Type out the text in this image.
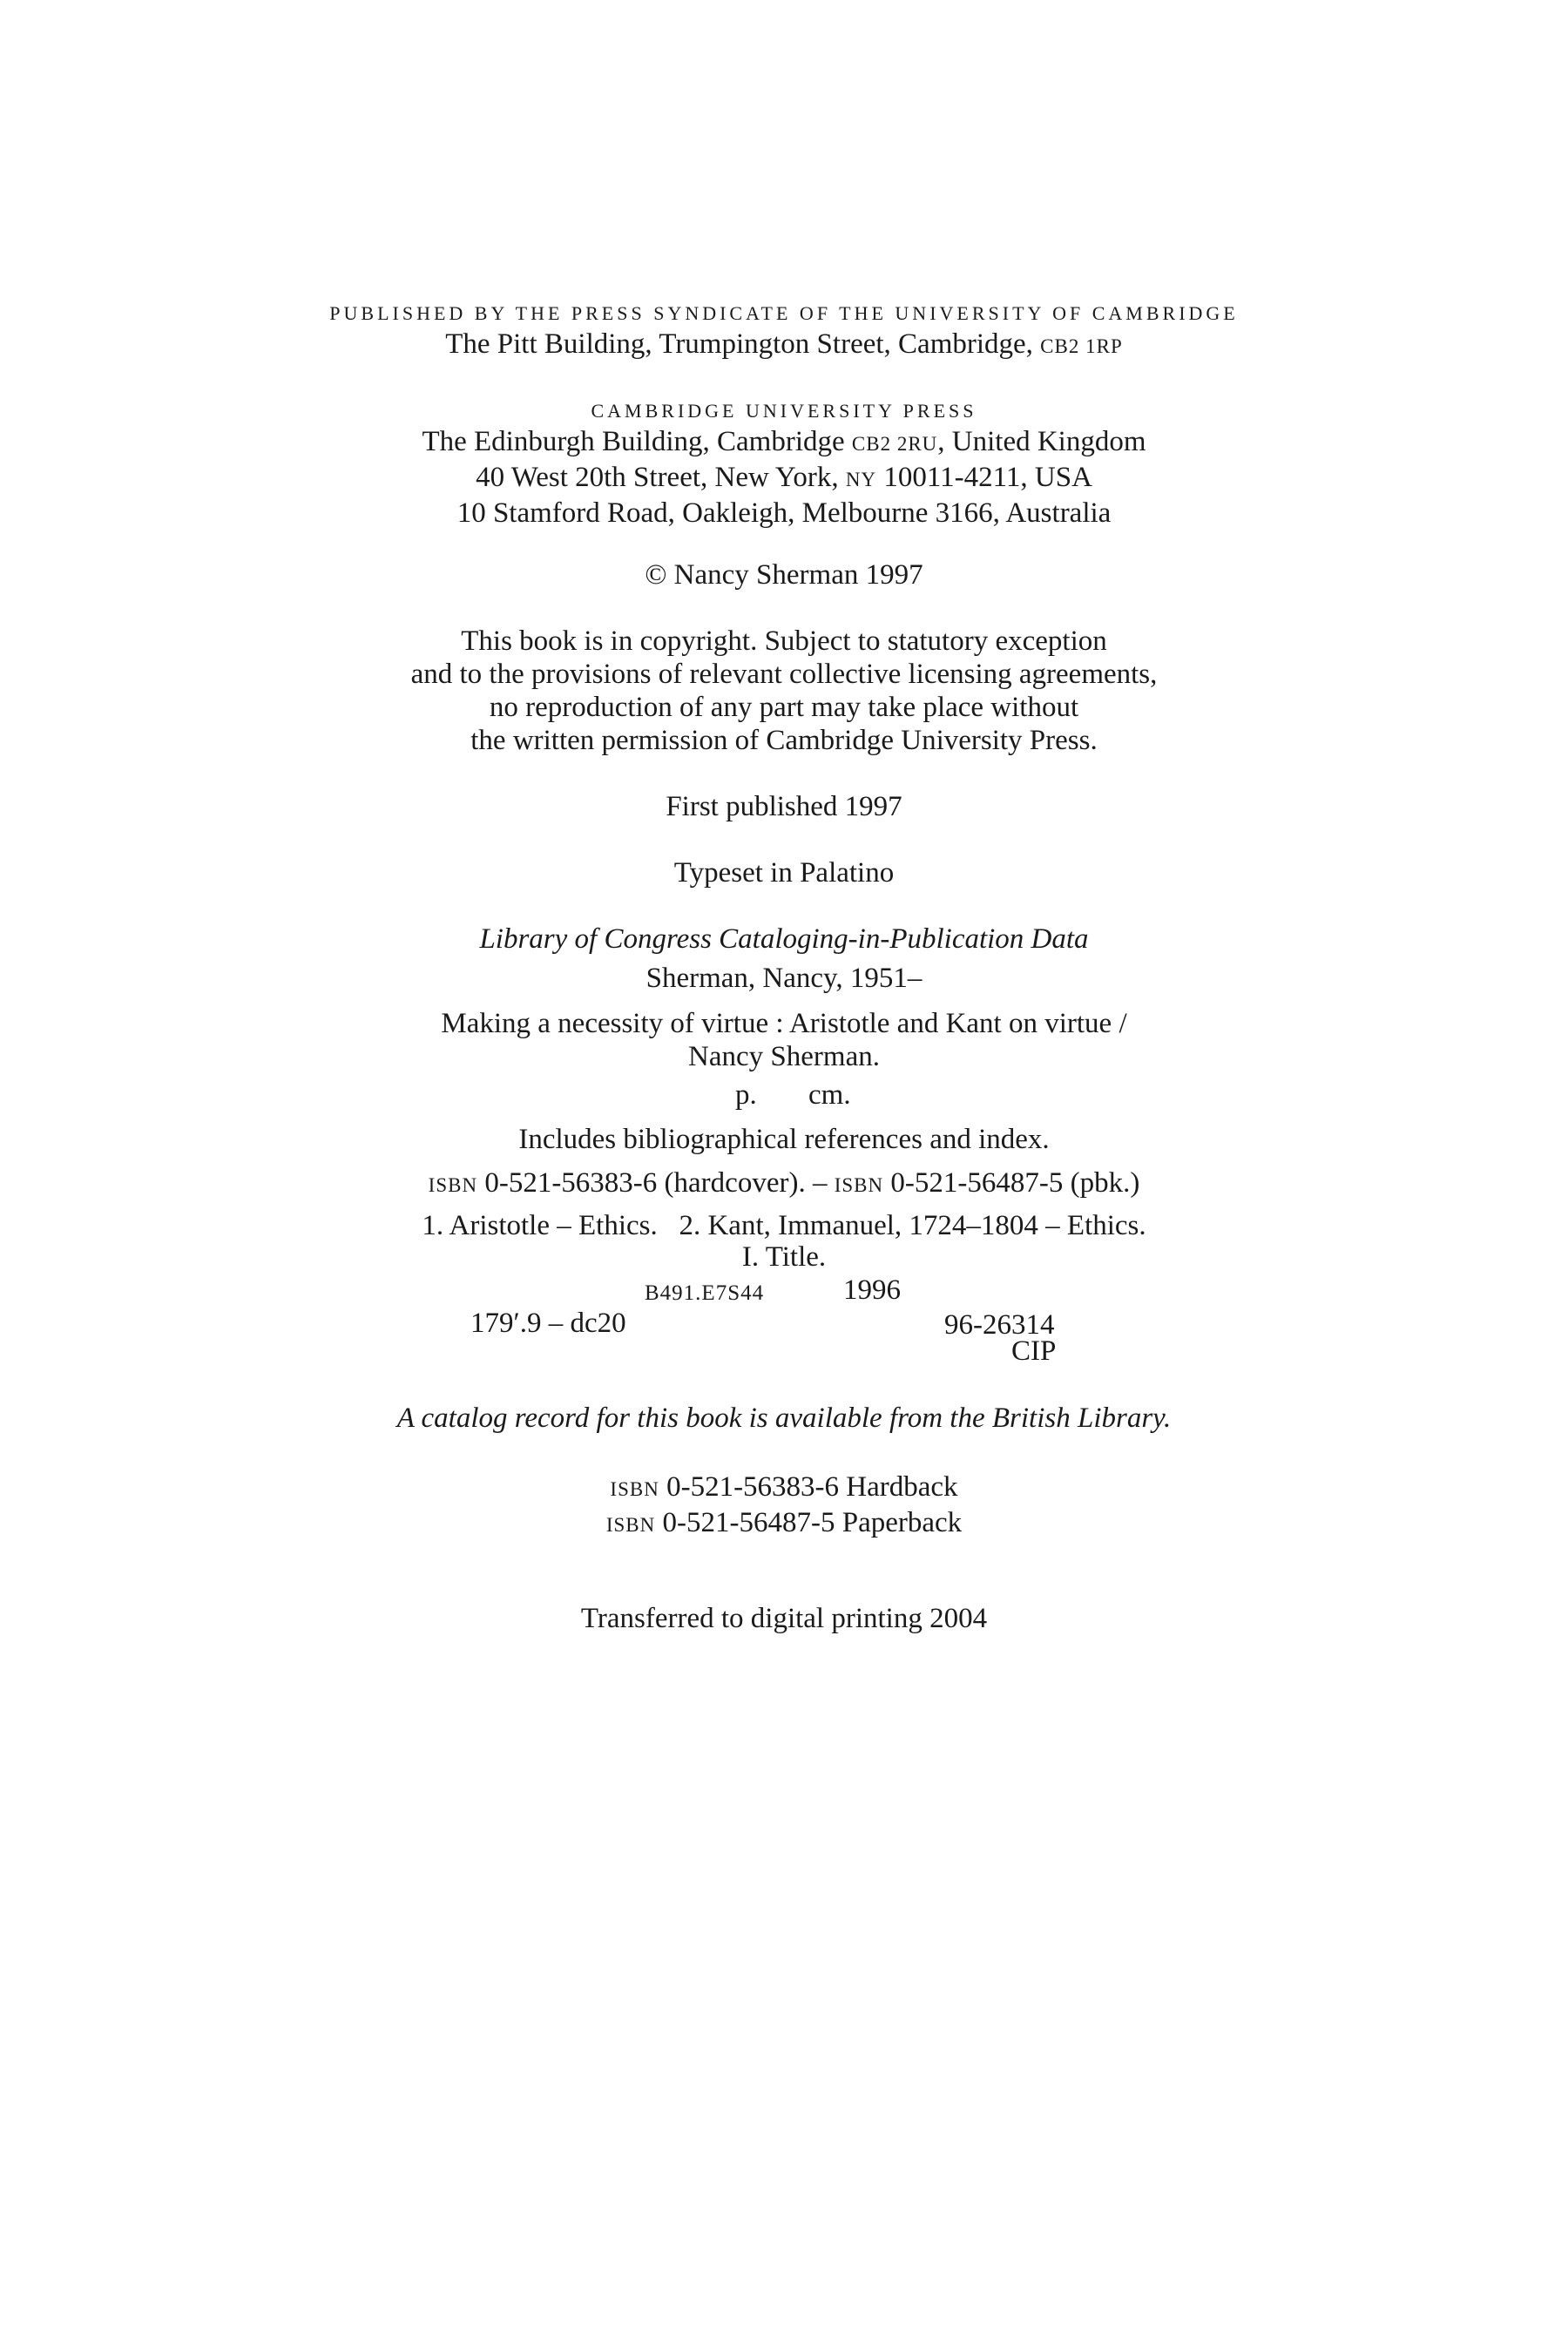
PUBLISHED BY THE PRESS SYNDICATE OF THE UNIVERSITY OF CAMBRIDGE
The Pitt Building, Trumpington Street, Cambridge, CB2 1RP
CAMBRIDGE UNIVERSITY PRESS
The Edinburgh Building, Cambridge CB2 2RU, United Kingdom
40 West 20th Street, New York, NY 10011-4211, USA
10 Stamford Road, Oakleigh, Melbourne 3166, Australia
© Nancy Sherman 1997
This book is in copyright. Subject to statutory exception
and to the provisions of relevant collective licensing agreements,
no reproduction of any part may take place without
the written permission of Cambridge University Press.
First published 1997
Typeset in Palatino
Library of Congress Cataloging-in-Publication Data
Sherman, Nancy, 1951–
Making a necessity of virtue : Aristotle and Kant on virtue /
Nancy Sherman.
p. cm.
Includes bibliographical references and index.
ISBN 0-521-56383-6 (hardcover). – ISBN 0-521-56487-5 (pbk.)
1. Aristotle – Ethics.   2. Kant, Immanuel, 1724–1804 – Ethics.
I. Title.
B491.E7S44	1996
179′.9 – dc20	96-26314
CIP
A catalog record for this book is available from the British Library.
ISBN 0-521-56383-6 Hardback
ISBN 0-521-56487-5 Paperback
Transferred to digital printing 2004
